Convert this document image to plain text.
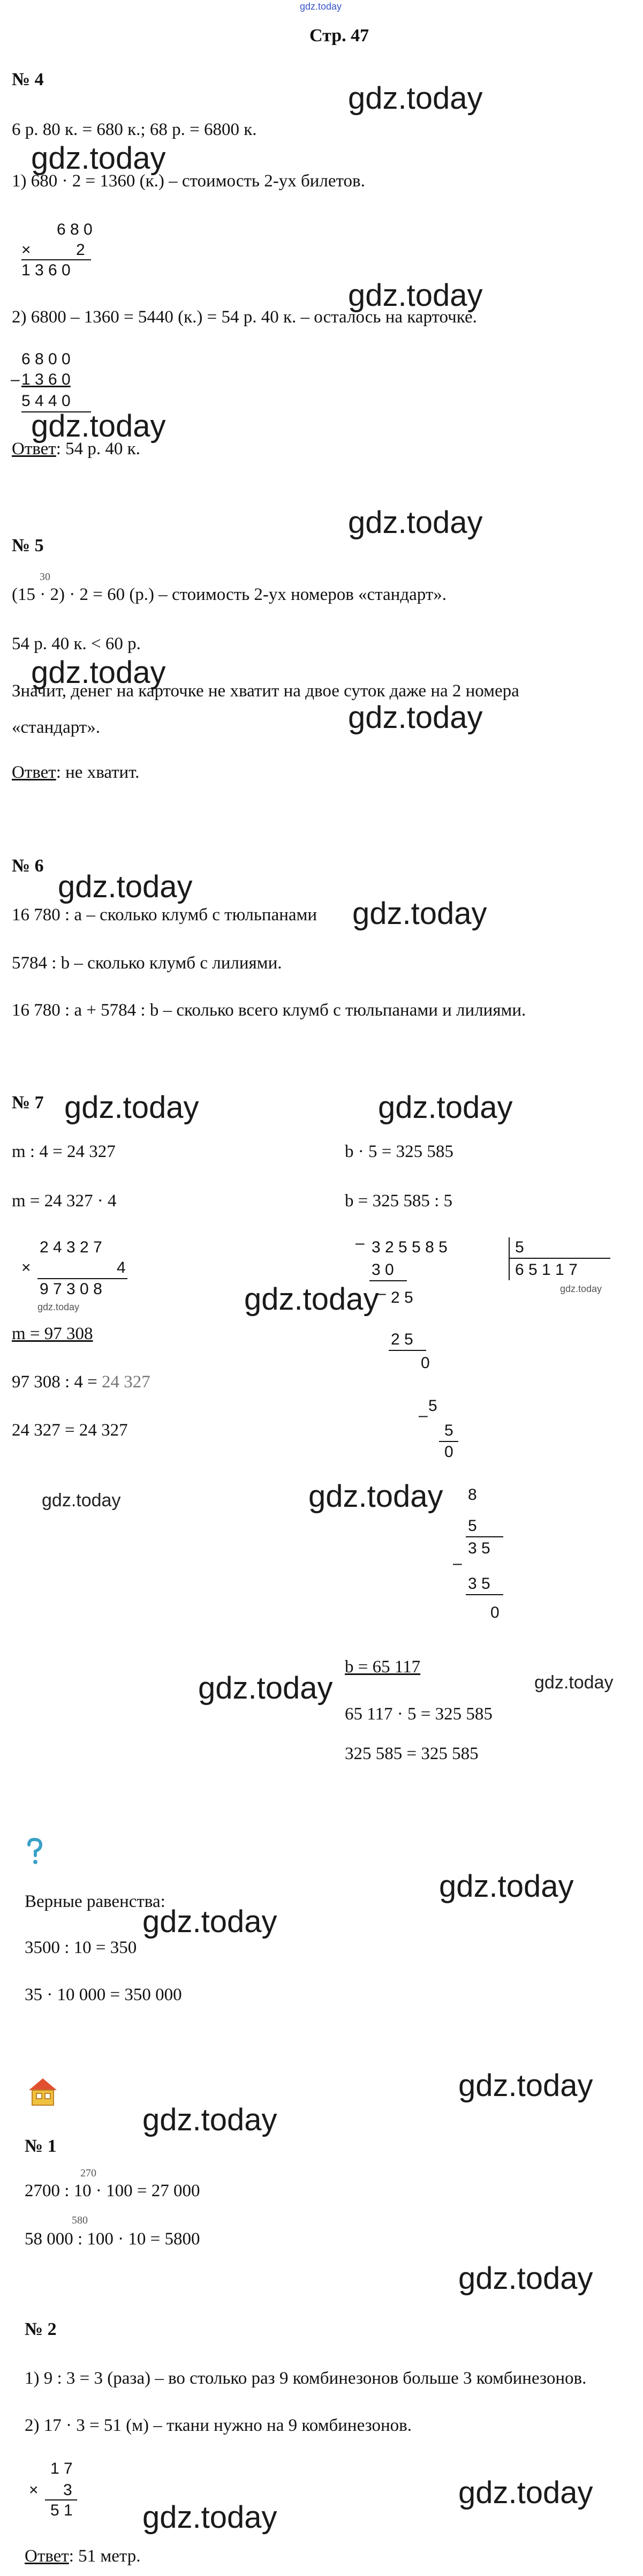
gdz.today
Стр. 47
№ 4
gdz.today
6 р. 80 к. = 680 к.; 68 р. = 6800 к.
gdz.today
1) 680 · 2 = 1360 (к.) – стоимость 2-ух билетов.
6 8 0
×	2
1 3 6 0
gdz.today
2) 6800 – 1360 = 5440 (к.) = 54 р. 40 к. – осталось на карточке.
6 8 0 0
– 1 3 6 0
5 4 4 0
gdz.today
Ответ: 54 р. 40 к.
gdz.today
№ 5
30
(15 · 2) · 2 = 60 (р.) – стоимость 2-ух номеров «стандарт».
54 р. 40 к. < 60 р.
gdz.today
Значит, денег на карточке не хватит на двое суток даже на 2 номера
gdz.today
«стандарт».
Ответ: не хватит.
№ 6
gdz.today
16 780 : a – сколько клумб с тюльпанами gdz.today
5784 : b – сколько клумб с лилиями.
16 780 : a + 5784 : b – сколько всего клумб с тюльпанами и лилиями.
№ 7 gdz.today	gdz.today
m : 4 = 24 327
m = 24 327 · 4
2 4 3 2 7
×	4
9 7 3 0 8
gdz.today
m = 97 308
97 308 : 4 = 24 327
24 327 = 24 327
gdz.today
b · 5 = 325 585
b = 325 585 : 5
– 3 2 5 5 8 5	5
6 5 1 1 7
gdz.today
3 0
– 2 5
2 5
0
5
–
5
0
8
5
3 5
–
3 5
0
gdz.today
gdz.today
b = 65 117
gdz.today	gdz.today
65 117 · 5 = 325 585
325 585 = 325 585
gdz.today
Верные равенства:
gdz.today
3500 : 10 = 350
35 · 10 000 = 350 000
gdz.today
gdz.today
№ 1
270
2700 : 10 · 100 = 27 000
580
58 000 : 100 · 10 = 5800
gdz.today
№ 2
1) 9 : 3 = 3 (раза) – во столько раз 9 комбинезонов больше 3 комбинезонов.
2) 17 · 3 = 51 (м) – ткани нужно на 9 комбинезонов.
1 7
× 3
5 1
gdz.today
gdz.today
Ответ: 51 метр.
